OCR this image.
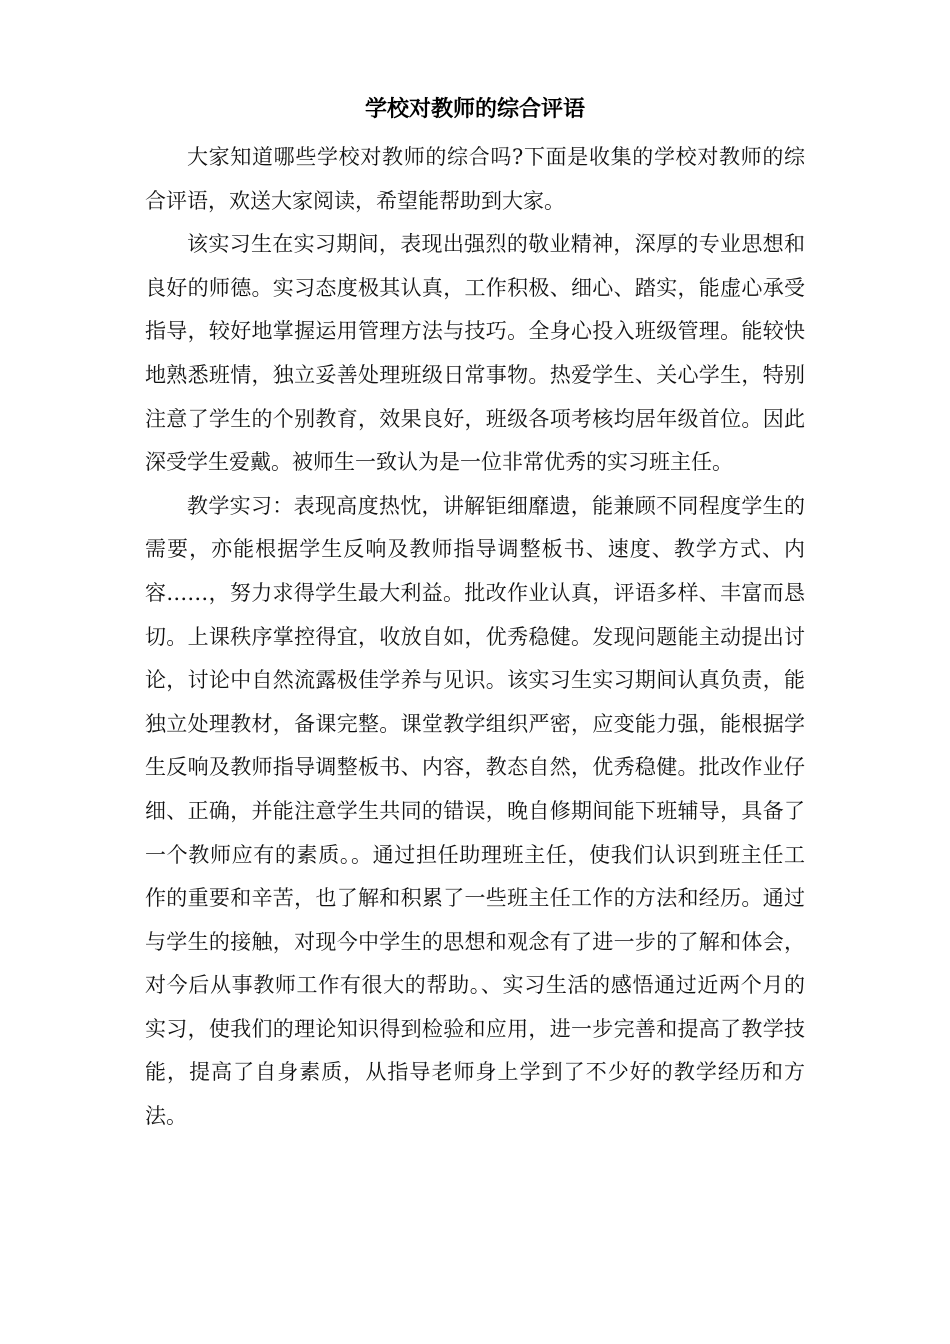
学校对教师的综合评语

大家知道哪些学校对教师的综合吗?下面是收集的学校对教师的综合评语，欢送大家阅读，希望能帮助到大家。

该实习生在实习期间，表现出强烈的敬业精神，深厚的专业思想和良好的师德。实习态度极其认真，工作积极、细心、踏实，能虚心承受指导，较好地掌握运用管理方法与技巧。全身心投入班级管理。能较快地熟悉班情，独立妥善处理班级日常事物。热爱学生、关心学生，特别注意了学生的个别教育，效果良好，班级各项考核均居年级首位。因此深受学生爱戴。被师生一致认为是一位非常优秀的实习班主任。

教学实习：表现高度热忱，讲解钜细靡遗，能兼顾不同程度学生的需要，亦能根据学生反响及教师指导调整板书、速度、教学方式、内容……，努力求得学生最大利益。批改作业认真，评语多样、丰富而恳切。上课秩序掌控得宜，收放自如，优秀稳健。发现问题能主动提出讨论，讨论中自然流露极佳学养与见识。该实习生实习期间认真负责，能独立处理教材，备课完整。课堂教学组织严密，应变能力强，能根据学生反响及教师指导调整板书、内容，教态自然，优秀稳健。批改作业仔细、正确，并能注意学生共同的错误，晚自修期间能下班辅导，具备了一个教师应有的素质。。通过担任助理班主任，使我们认识到班主任工作的重要和辛苦，也了解和积累了一些班主任工作的方法和经历。通过与学生的接触，对现今中学生的思想和观念有了进一步的了解和体会，对今后从事教师工作有很大的帮助。、实习生活的感悟通过近两个月的实习，使我们的理论知识得到检验和应用，进一步完善和提高了教学技能，提高了自身素质，从指导老师身上学到了不少好的教学经历和方法。
